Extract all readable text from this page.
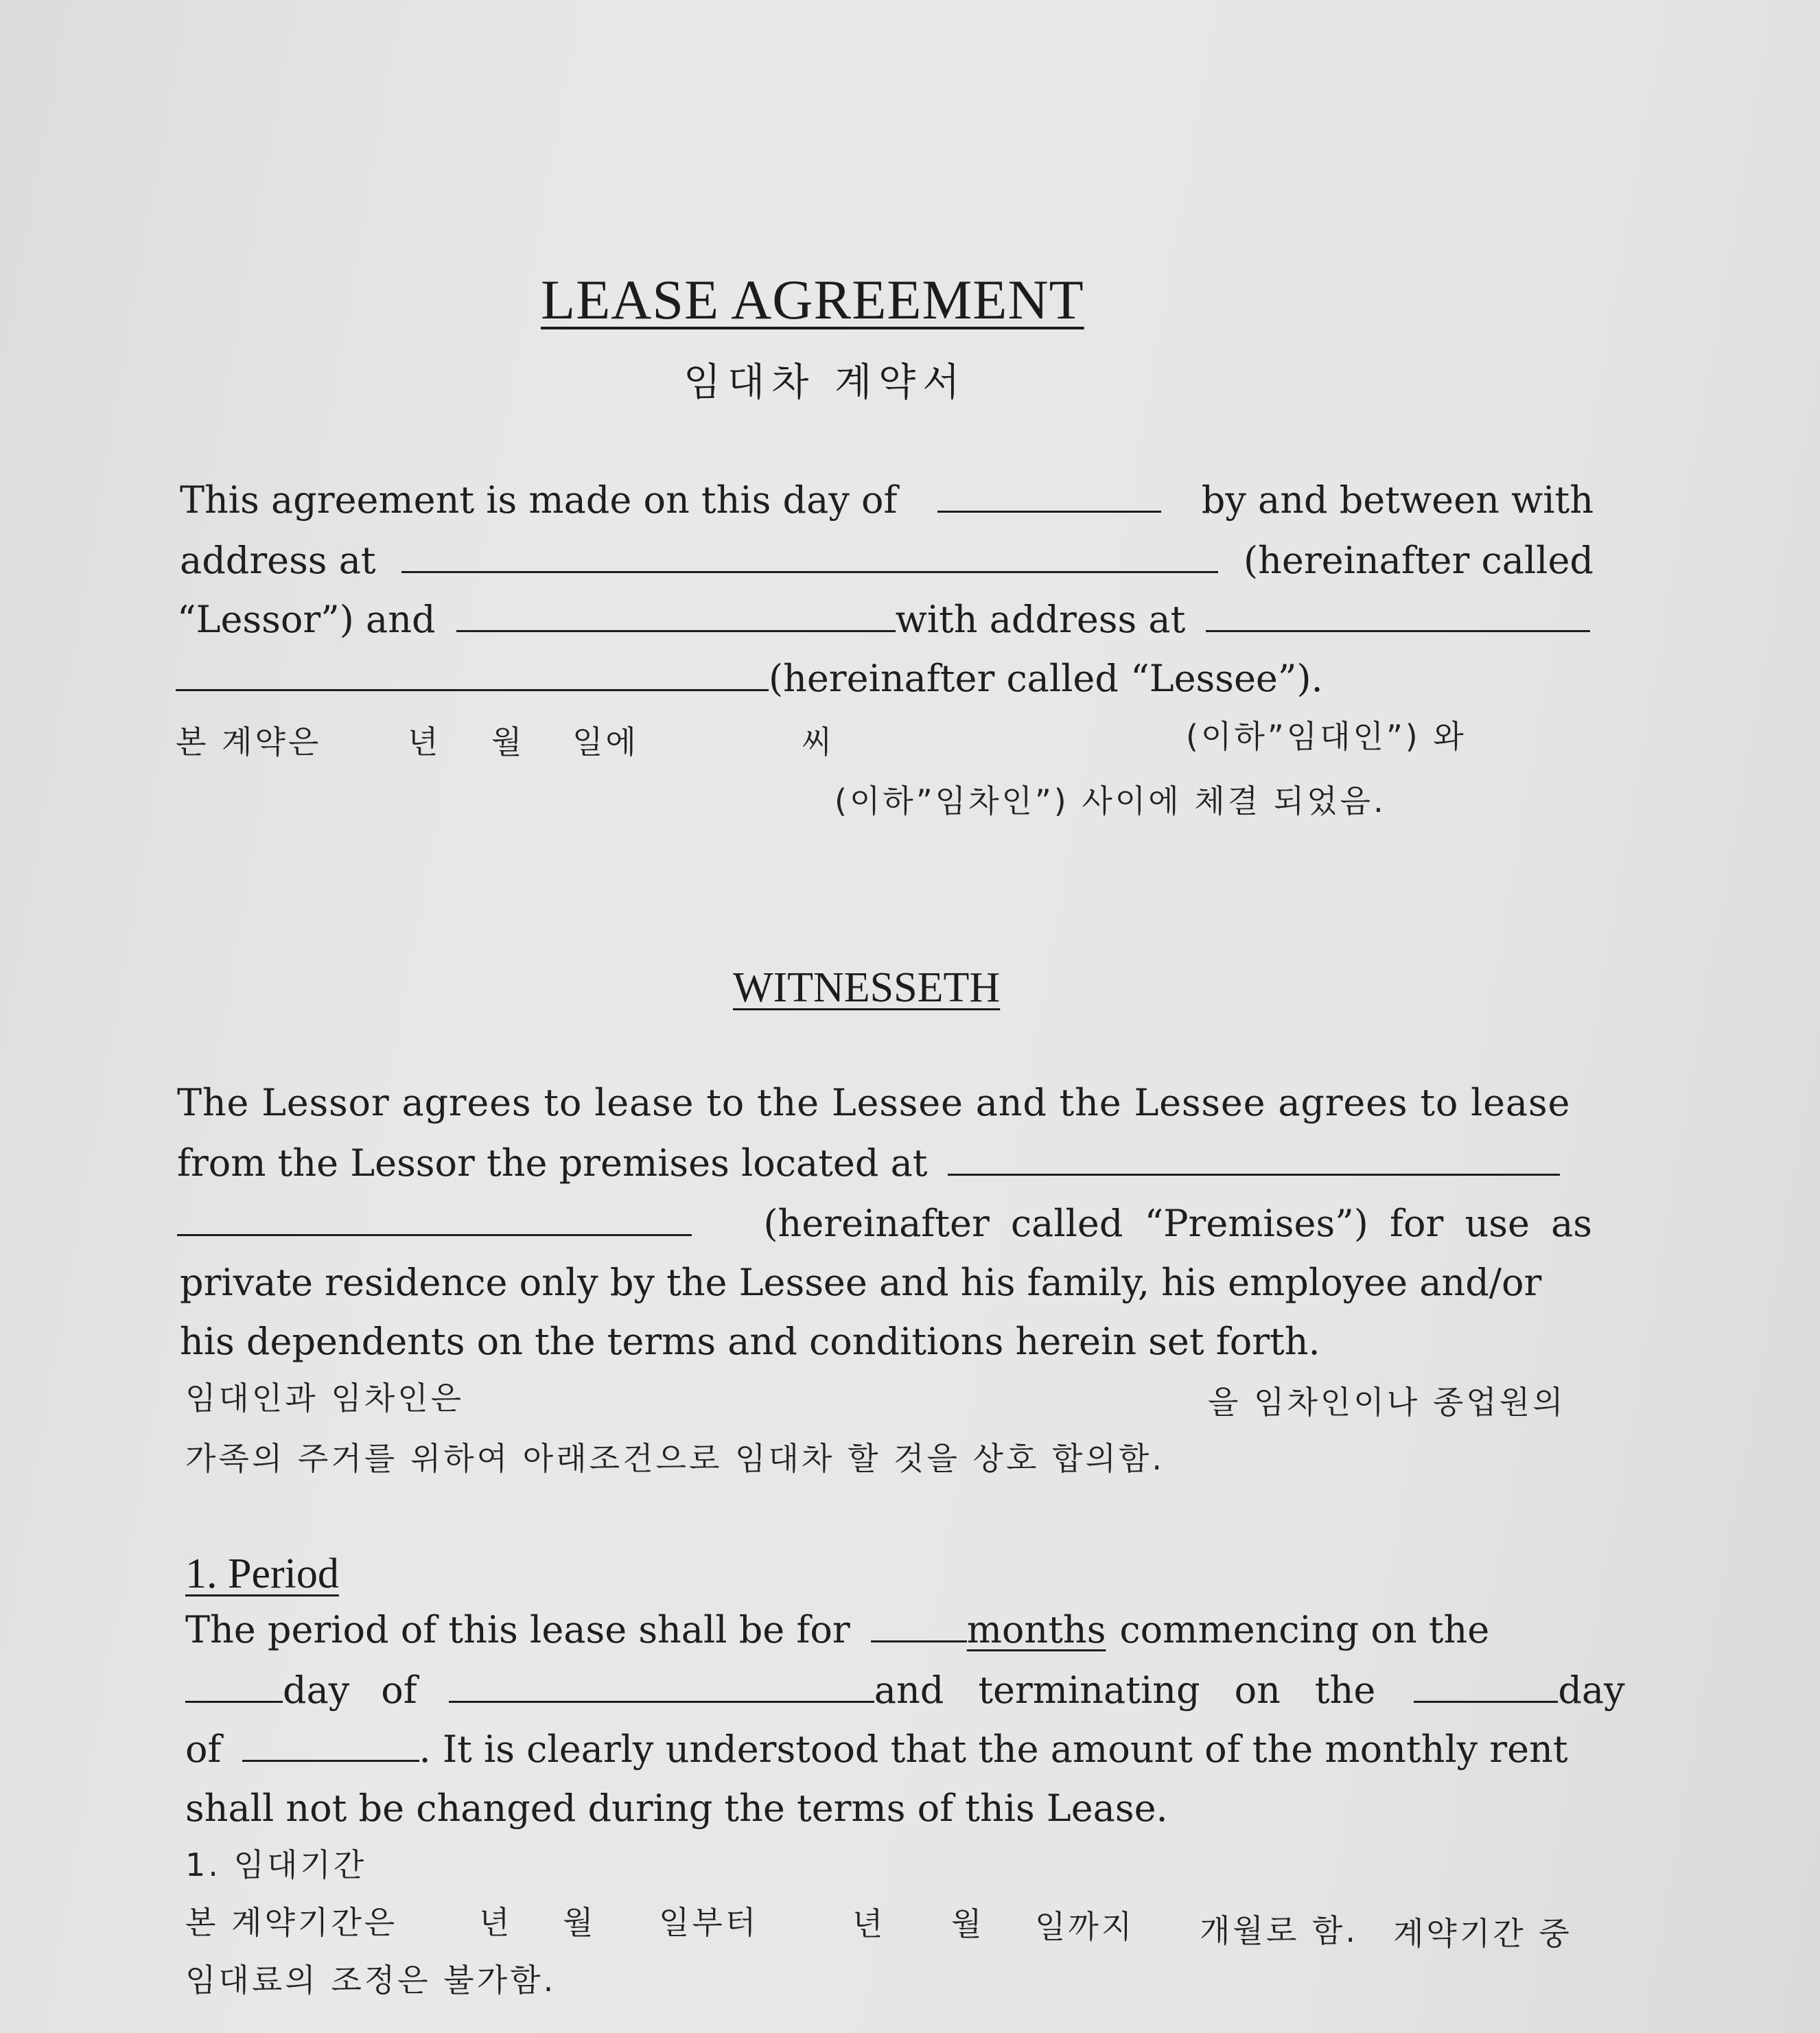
LEASE AGREEMENT
임대차 계약서
This agreement is made on this day of	by and between with
address at	(hereinafter called
“Lessor”) and	with address at
(hereinafter called “Lessee”).
본 계약은	년 월 일에	씨	(이하”임대인”) 와
(이하”임차인”) 사이에 체결 되었음.
WITNESSETH
The Lessor agrees to lease to the Lessee and the Lessee agrees to lease
from the Lessor the premises located at
(hereinafter called “Premises”) for use as
private residence only by the Lessee and his family, his employee and/or
his dependents on the terms and conditions herein set forth.
임대인과 임차인은	을 임차인이나 종업원의
가족의 주거를 위하여 아래조건으로 임대차 할 것을 상호 합의함.
1. Period
The period of this lease shall be for	months commencing on the
day of	and terminating on the	day
of	. It is clearly understood that the amount of the monthly rent
shall not be changed during the terms of this Lease.
1. 임대기간
본 계약기간은	년 월 일부터	년 월 일까지 개월로 함. 계약기간 중
임대료의 조정은 불가함.
